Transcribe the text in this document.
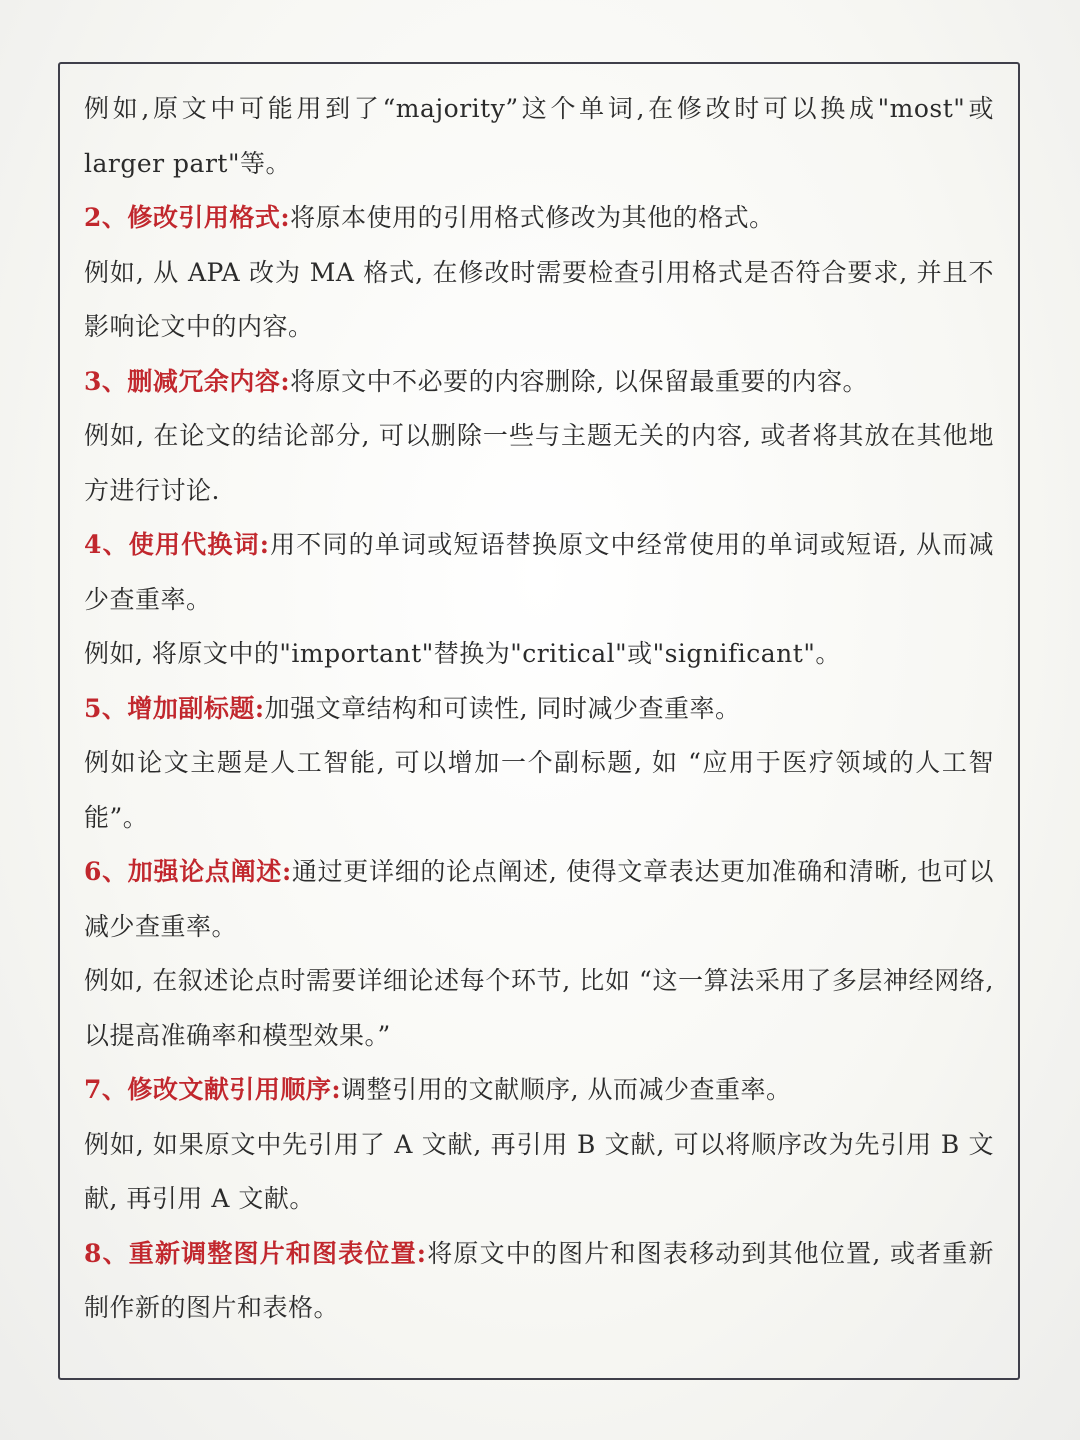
例如,原文中可能用到了“majority”这个单词,在修改时可以换成"most"或 larger part"等。
2、修改引用格式:将原本使用的引用格式修改为其他的格式。
例如, 从 APA 改为 MA 格式, 在修改时需要检查引用格式是否符合要求, 并且不影响论文中的内容。
3、删减冗余内容:将原文中不必要的内容删除, 以保留最重要的内容。
例如, 在论文的结论部分, 可以删除一些与主题无关的内容, 或者将其放在其他地方进行讨论.
4、使用代换词:用不同的单词或短语替换原文中经常使用的单词或短语, 从而减少查重率。
例如, 将原文中的"important"替换为"critical"或"significant"。
5、增加副标题:加强文章结构和可读性, 同时减少查重率。
例如论文主题是人工智能, 可以增加一个副标题, 如 “应用于医疗领域的人工智能”。
6、加强论点阐述:通过更详细的论点阐述, 使得文章表达更加准确和清晰, 也可以减少查重率。
例如, 在叙述论点时需要详细论述每个环节, 比如 “这一算法采用了多层神经网络, 以提高准确率和模型效果。”
7、修改文献引用顺序:调整引用的文献顺序, 从而减少查重率。
例如, 如果原文中先引用了 A 文献, 再引用 B 文献, 可以将顺序改为先引用 B 文献, 再引用 A 文献。
8、重新调整图片和图表位置:将原文中的图片和图表移动到其他位置, 或者重新制作新的图片和表格。
